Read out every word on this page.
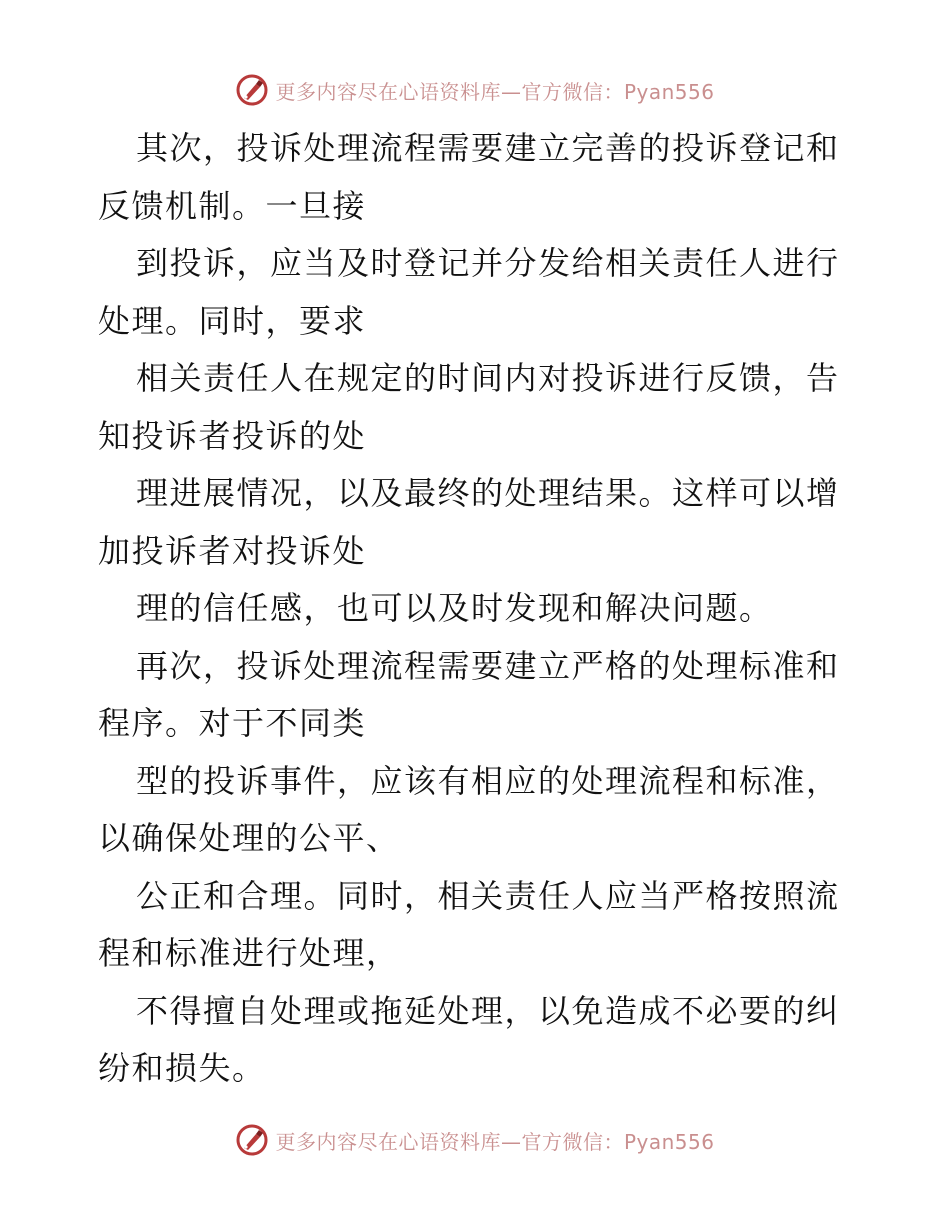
更多内容尽在心语资料库—官方微信：Pyan556
其次，投诉处理流程需要建立完善的投诉登记和
反馈机制。一旦接
到投诉，应当及时登记并分发给相关责任人进行
处理。同时，要求
相关责任人在规定的时间内对投诉进行反馈，告
知投诉者投诉的处
理进展情况，以及最终的处理结果。这样可以增
加投诉者对投诉处
理的信任感，也可以及时发现和解决问题。
再次，投诉处理流程需要建立严格的处理标准和
程序。对于不同类
型的投诉事件，应该有相应的处理流程和标准，
以确保处理的公平、
公正和合理。同时，相关责任人应当严格按照流
程和标准进行处理，
不得擅自处理或拖延处理，以免造成不必要的纠
纷和损失。
更多内容尽在心语资料库—官方微信：Pyan556
